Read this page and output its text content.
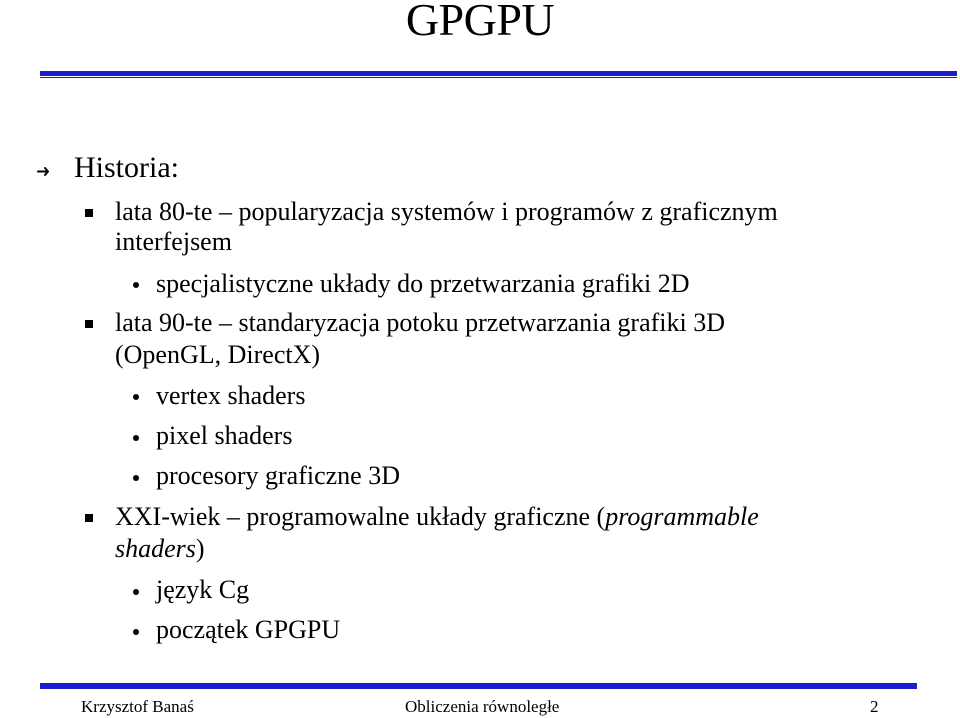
GPGPU
Historia:
lata 80-te – popularyzacja systemów i programów z graficznym
interfejsem
specjalistyczne układy do przetwarzania grafiki 2D
lata 90-te – standaryzacja potoku przetwarzania grafiki 3D
(OpenGL, DirectX)
vertex shaders
pixel shaders
procesory graficzne 3D
XXI-wiek – programowalne układy graficzne (programmable
shaders)
język Cg
początek GPGPU
Krzysztof Banaś	Obliczenia równoległe	2
